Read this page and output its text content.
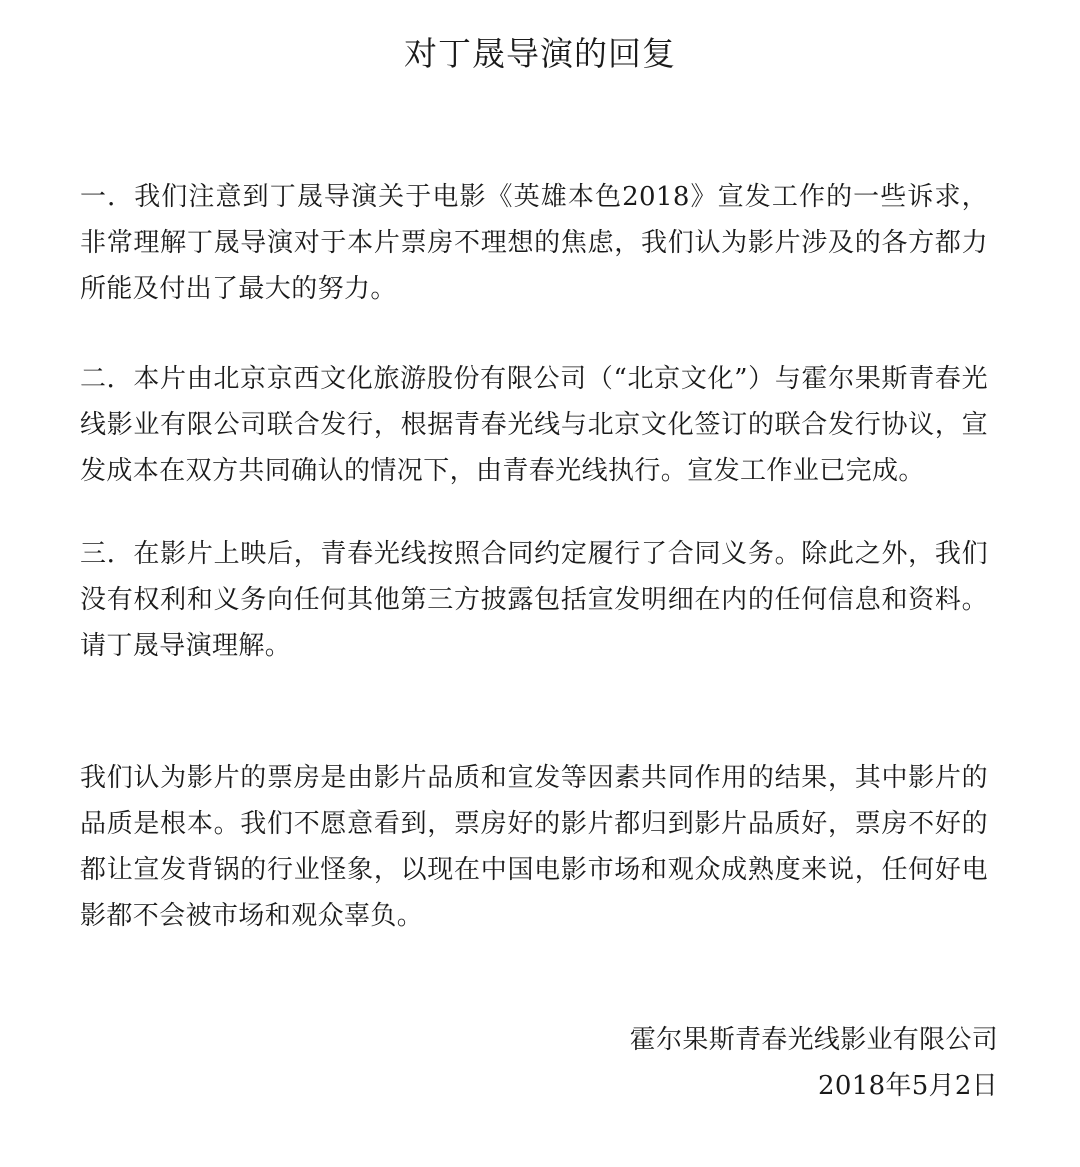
对丁晟导演的回复

一．我们注意到丁晟导演关于电影《英雄本色2018》宣发工作的一些诉求，非常理解丁晟导演对于本片票房不理想的焦虑，我们认为影片涉及的各方都力所能及付出了最大的努力。

二．本片由北京京西文化旅游股份有限公司（“北京文化”）与霍尔果斯青春光线影业有限公司联合发行，根据青春光线与北京文化签订的联合发行协议，宣发成本在双方共同确认的情况下，由青春光线执行。宣发工作业已完成。

三．在影片上映后，青春光线按照合同约定履行了合同义务。除此之外，我们没有权利和义务向任何其他第三方披露包括宣发明细在内的任何信息和资料。请丁晟导演理解。

我们认为影片的票房是由影片品质和宣发等因素共同作用的结果，其中影片的品质是根本。我们不愿意看到，票房好的影片都归到影片品质好，票房不好的都让宣发背锅的行业怪象，以现在中国电影市场和观众成熟度来说，任何好电影都不会被市场和观众辜负。

霍尔果斯青春光线影业有限公司

2018年5月2日
